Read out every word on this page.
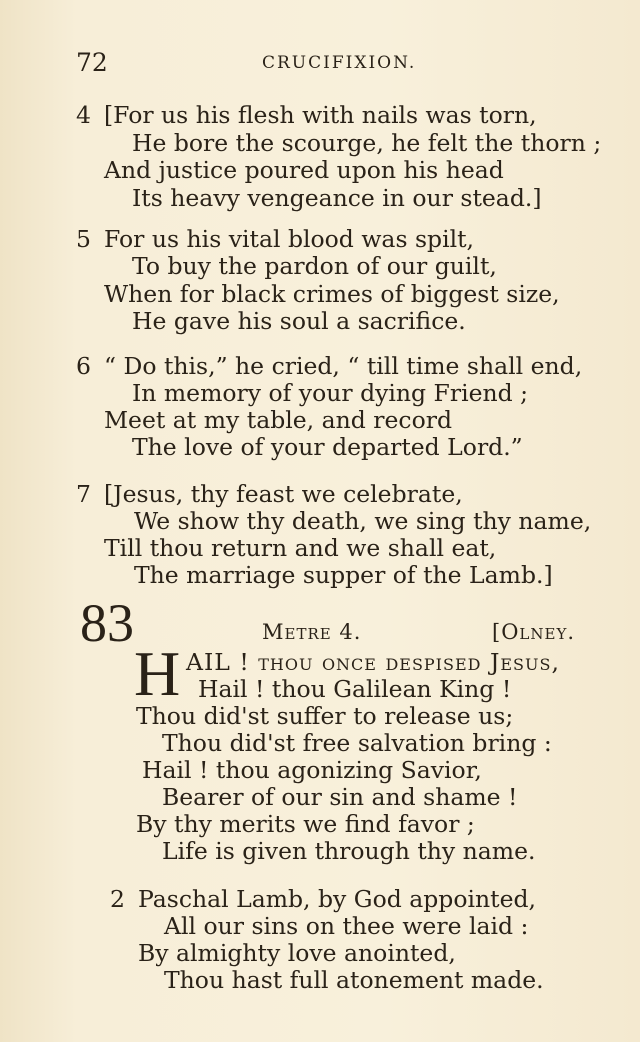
72	CRUCIFIXION.
4 [For us his flesh with nails was torn,
He bore the scourge, he felt the thorn ;
And justice poured upon his head
Its heavy vengeance in our stead.]
5 For us his vital blood was spilt,
To buy the pardon of our guilt,
When for black crimes of biggest size,
He gave his soul a sacrifice.
6 “ Do this,” he cried, “ till time shall end,
In memory of your dying Friend ;
Meet at my table, and record
The love of your departed Lord.”
7 [Jesus, thy feast we celebrate,
We show thy death, we sing thy name,
Till thou return and we shall eat,
The marriage supper of the Lamb.]
83	Metre 4.	[Olney.
H AIL ! thou once despised Jesus,
Hail ! thou Galilean King !
Thou did'st suffer to release us;
Thou did'st free salvation bring :
Hail ! thou agonizing Savior,
Bearer of our sin and shame !
By thy merits we find favor ;
Life is given through thy name.
2 Paschal Lamb, by God appointed,
All our sins on thee were laid :
By almighty love anointed,
Thou hast full atonement made.
